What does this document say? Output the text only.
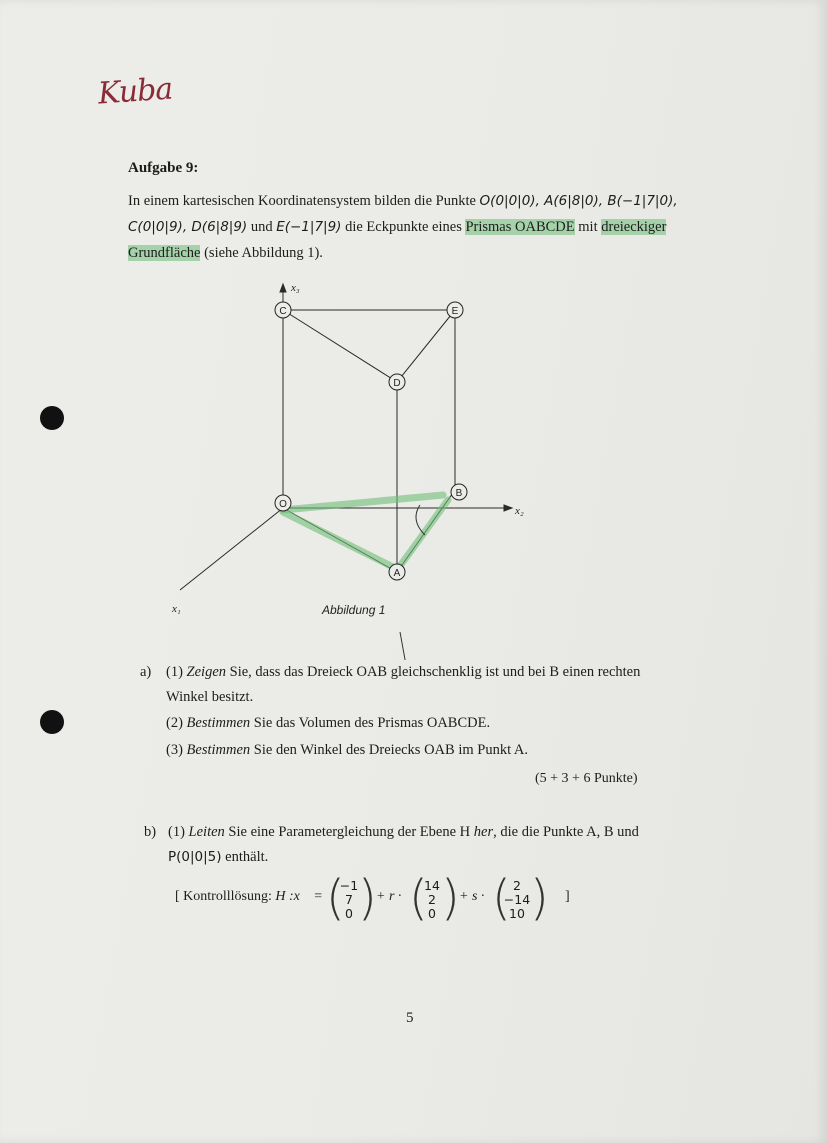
Kuba
Aufgabe 9:
In einem kartesischen Koordinatensystem bilden die Punkte O(0|0|0), A(6|8|0), B(−1|7|0),
C(0|0|9), D(6|8|9) und E(−1|7|9) die Eckpunkte eines Prismas OABCDE mit dreieckiger
Grundfläche (siehe Abbildung 1).
C	E
D
O
B
A
x₃
x₂
x₁	Abbildung 1
a) (1) Zeigen Sie, dass das Dreieck OAB gleichschenklig ist und bei B einen rechten
Winkel besitzt.
(2) Bestimmen Sie das Volumen des Prismas OABCDE.
(3) Bestimmen Sie den Winkel des Dreiecks OAB im Punkt A.
(5 + 3 + 6 Punkte)
b) (1) Leiten Sie eine Parametergleichung der Ebene H her, die die Punkte A, B und
P(0|0|5) enthält.
[ Kontrolllösung: H :x⃗ = (
−1
7
0 ) + r · (
14
2
0 ) + s · ( 2
−14
10 ) ]
5
